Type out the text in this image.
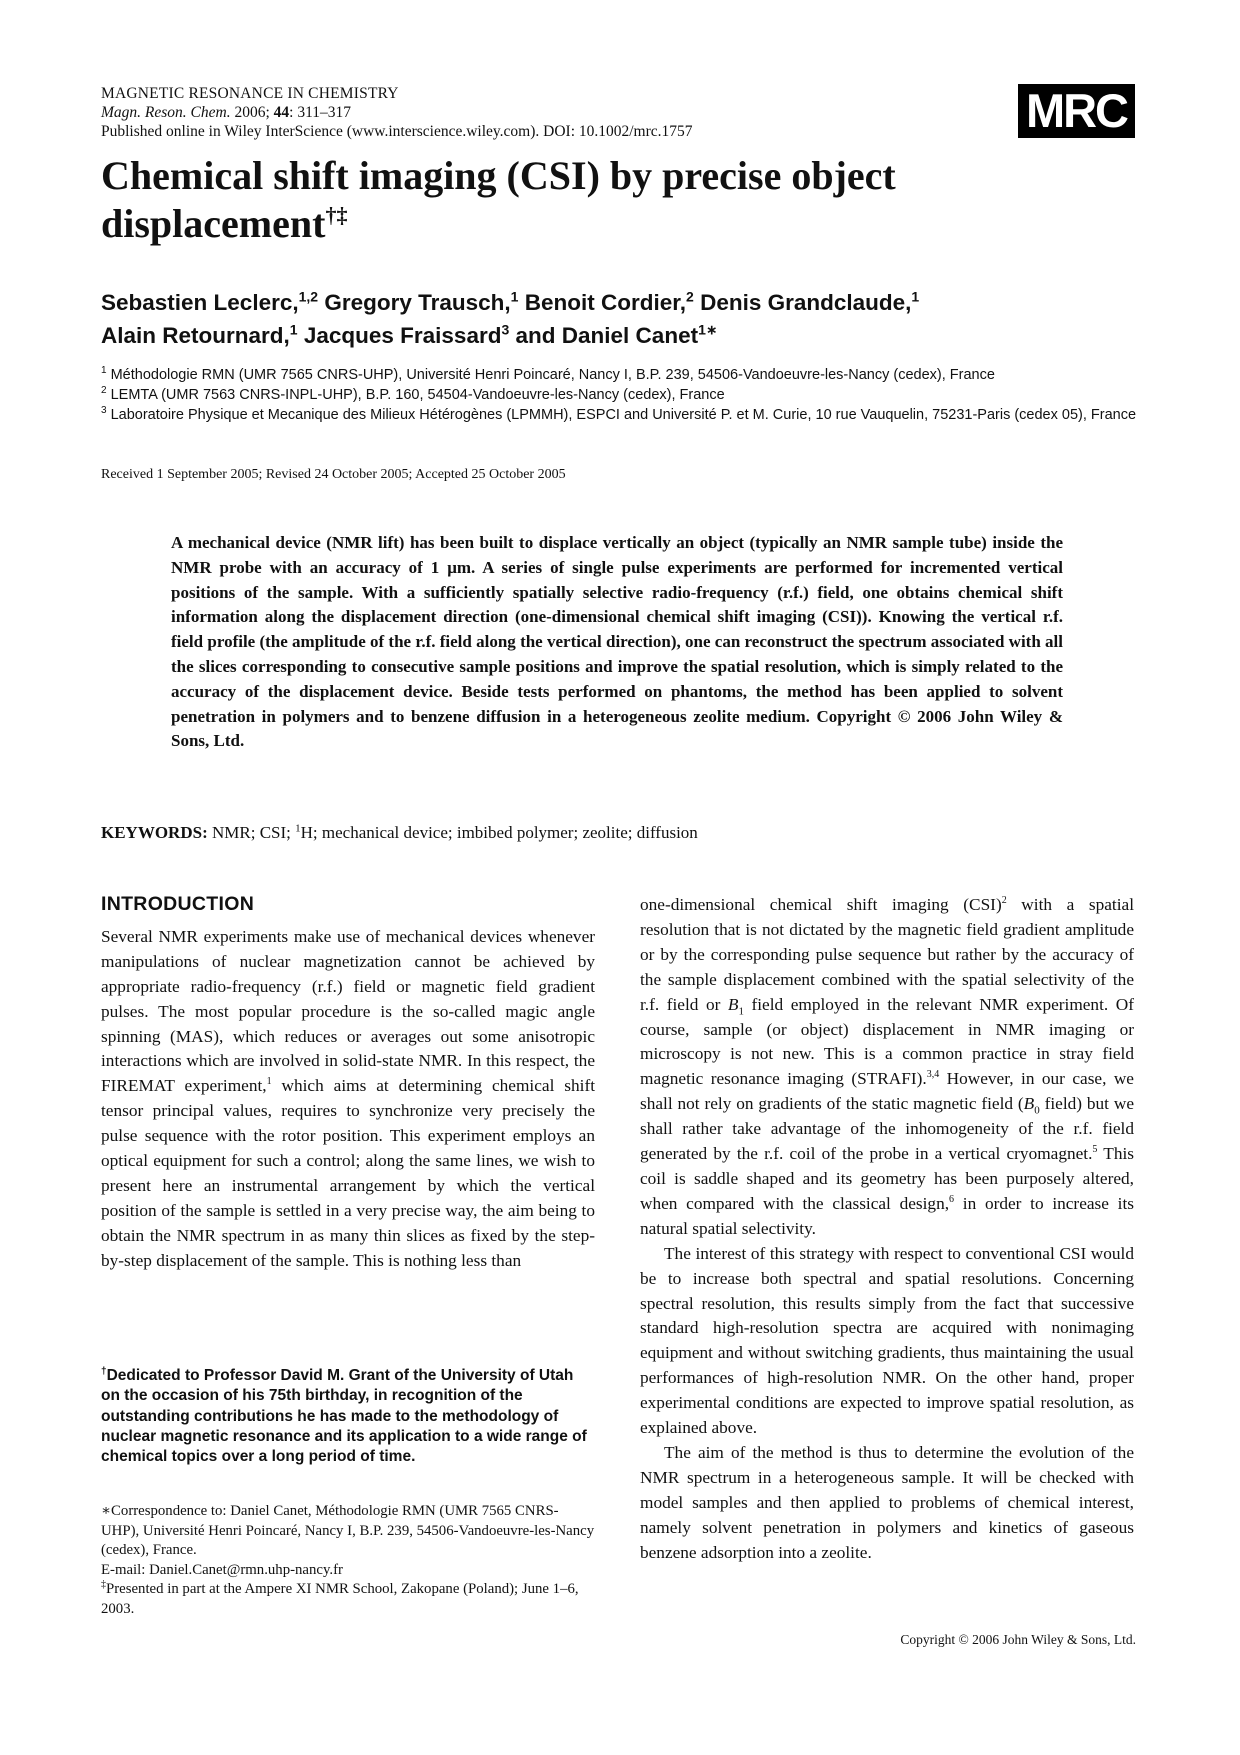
MAGNETIC RESONANCE IN CHEMISTRY
Magn. Reson. Chem. 2006; 44: 311–317
Published online in Wiley InterScience (www.interscience.wiley.com). DOI: 10.1002/mrc.1757	MRC
Chemical shift imaging (CSI) by precise object
displacement†‡
Sebastien Leclerc,$^{1,2}$ Gregory Trausch,$^1$ Benoit Cordier,$^2$ Denis Grandclaude,$^1$
Alain Retournard,$^1$ Jacques Fraissard$^3$ and Daniel Canet$^{1∗}$

$^1$ Méthodologie RMN (UMR 7565 CNRS-UHP), Université Henri Poincaré, Nancy I, B.P. 239, 54506-Vandoeuvre-les-Nancy (cedex), France

$^2$ LEMTA (UMR 7563 CNRS-INPL-UHP), B.P. 160, 54504-Vandoeuvre-les-Nancy (cedex), France

$^3$ Laboratoire Physique et Mecanique des Milieux Hétérogènes (LPMMH), ESPCI and Université P. et M. Curie, 10 rue Vauquelin, 75231-Paris (cedex 05), France

Received 1 September 2005; Revised 24 October 2005; Accepted 25 October 2005

A mechanical device (NMR lift) has been built to displace vertically an object (typically an NMR sample tube) inside the NMR probe with an accuracy of 1 μm. A series of single pulse experiments are performed for incremented vertical positions of the sample. With a sufficiently spatially selective radio-frequency (r.f.) field, one obtains chemical shift information along the displacement direction (one-dimensional chemical shift imaging (CSI)). Knowing the vertical r.f. field profile (the amplitude of the r.f. field along the vertical direction), one can reconstruct the spectrum associated with all the slices corresponding to consecutive sample positions and improve the spatial resolution, which is simply related to the accuracy of the displacement device. Beside tests performed on phantoms, the method has been applied to solvent penetration in polymers and to benzene diffusion in a heterogeneous zeolite medium. Copyright © 2006 John Wiley & Sons, Ltd.

KEYWORDS: NMR; CSI; $^1$H; mechanical device; imbibed polymer; zeolite; diffusion
INTRODUCTION

Several NMR experiments make use of mechanical devices whenever manipulations of nuclear magnetization cannot be achieved by appropriate radio-frequency (r.f.) field or magnetic field gradient pulses. The most popular procedure is the so-called magic angle spinning (MAS), which reduces or averages out some anisotropic interactions which are involved in solid-state NMR. In this respect, the FIREMAT experiment,$^1$ which aims at determining chemical shift tensor principal values, requires to synchronize very precisely the pulse sequence with the rotor position. This experiment employs an optical equipment for such a control; along the same lines, we wish to present here an instrumental arrangement by which the vertical position of the sample is settled in a very precise way, the aim being to obtain the NMR spectrum in as many thin slices as fixed by the step-by-step displacement of the sample. This is nothing less than

one-dimensional chemical shift imaging (CSI)$^2$ with a spatial resolution that is not dictated by the magnetic field gradient amplitude or by the corresponding pulse sequence but rather by the accuracy of the sample displacement combined with the spatial selectivity of the r.f. field or $B_1$ field employed in the relevant NMR experiment. Of course, sample (or object) displacement in NMR imaging or microscopy is not new. This is a common practice in stray field magnetic resonance imaging (STRAFI).$^{3,4}$ However, in our case, we shall not rely on gradients of the static magnetic field ($B_0$ field) but we shall rather take advantage of the inhomogeneity of the r.f. field generated by the r.f. coil of the probe in a vertical cryomagnet.$^5$ This coil is saddle shaped and its geometry has been purposely altered, when compared with the classical design,$^6$ in order to increase its natural spatial selectivity.

The interest of this strategy with respect to conventional CSI would be to increase both spectral and spatial resolutions. Concerning spectral resolution, this results simply from the fact that successive standard high-resolution spectra are acquired with nonimaging equipment and without switching gradients, thus maintaining the usual performances of high-resolution NMR. On the other hand, proper experimental conditions are expected to improve spatial resolution, as explained above.

The aim of the method is thus to determine the evolution of the NMR spectrum in a heterogeneous sample. It will be checked with model samples and then applied to problems of chemical interest, namely solvent penetration in polymers and kinetics of gaseous benzene adsorption into a zeolite.

†Dedicated to Professor David M. Grant of the University of Utah on the occasion of his 75th birthday, in recognition of the outstanding contributions he has made to the methodology of nuclear magnetic resonance and its application to a wide range of chemical topics over a long period of time.

∗Correspondence to: Daniel Canet, Méthodologie RMN (UMR 7565 CNRS-UHP), Université Henri Poincaré, Nancy I, B.P. 239, 54506-Vandoeuvre-les-Nancy (cedex), France.

E-mail: Daniel.Canet@rmn.uhp-nancy.fr

‡Presented in part at the Ampere XI NMR School, Zakopane (Poland); June 1–6, 2003.

Copyright © 2006 John Wiley & Sons, Ltd.
